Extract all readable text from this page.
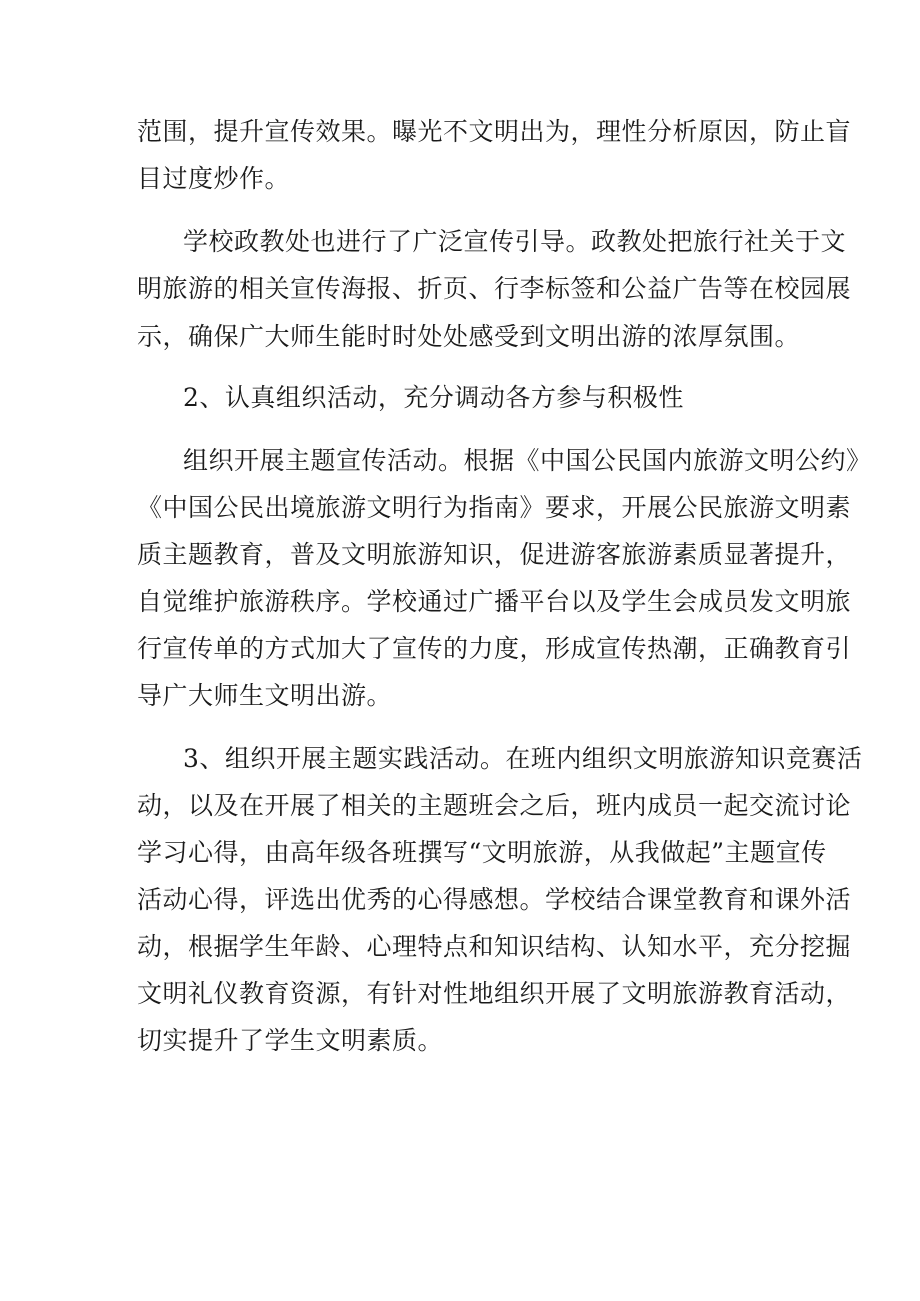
范围，提升宣传效果。曝光不文明出为，理性分析原因，防止盲
目过度炒作。
学校政教处也进行了广泛宣传引导。政教处把旅行社关于文
明旅游的相关宣传海报、折页、行李标签和公益广告等在校园展
示，确保广大师生能时时处处感受到文明出游的浓厚氛围。
2、认真组织活动，充分调动各方参与积极性
组织开展主题宣传活动。根据《中国公民国内旅游文明公约》
《中国公民出境旅游文明行为指南》要求，开展公民旅游文明素
质主题教育，普及文明旅游知识，促进游客旅游素质显著提升，
自觉维护旅游秩序。学校通过广播平台以及学生会成员发文明旅
行宣传单的方式加大了宣传的力度，形成宣传热潮，正确教育引
导广大师生文明出游。
3、组织开展主题实践活动。在班内组织文明旅游知识竞赛活
动，以及在开展了相关的主题班会之后，班内成员一起交流讨论
学习心得，由高年级各班撰写“文明旅游，从我做起”主题宣传
活动心得，评选出优秀的心得感想。学校结合课堂教育和课外活
动，根据学生年龄、心理特点和知识结构、认知水平，充分挖掘
文明礼仪教育资源，有针对性地组织开展了文明旅游教育活动，
切实提升了学生文明素质。
